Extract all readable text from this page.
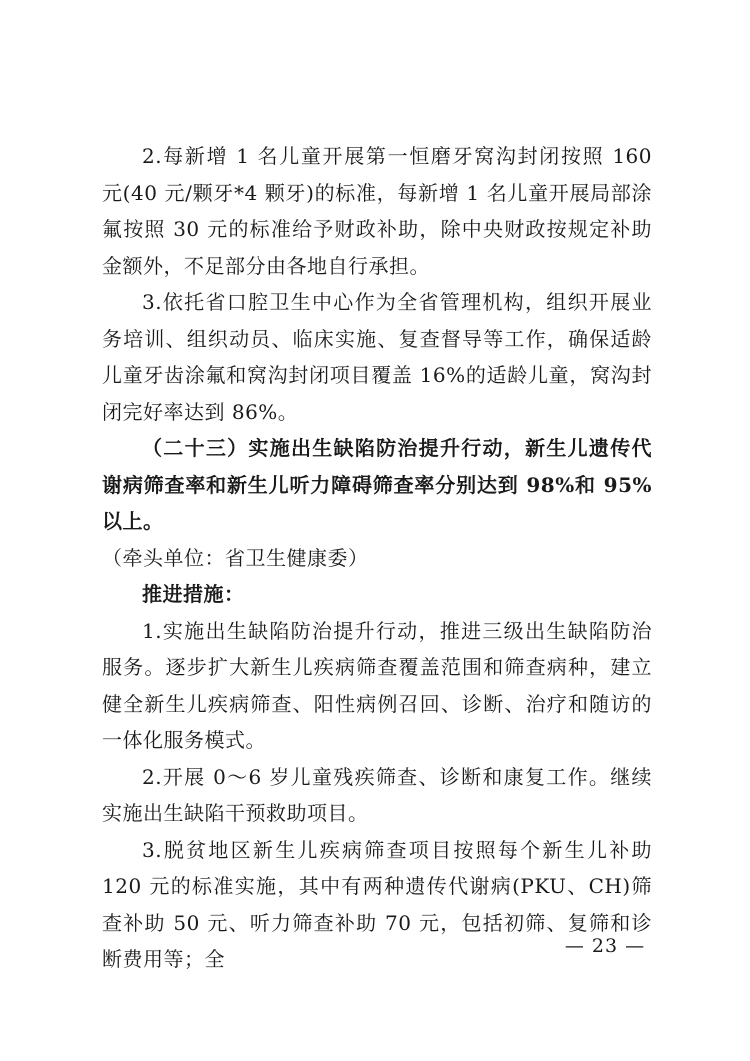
2.每新增 1 名儿童开展第一恒磨牙窝沟封闭按照 160 元(40 元/颗牙*4 颗牙)的标准，每新增 1 名儿童开展局部涂氟按照 30 元的标准给予财政补助，除中央财政按规定补助金额外，不足部分由各地自行承担。

3.依托省口腔卫生中心作为全省管理机构，组织开展业务培训、组织动员、临床实施、复查督导等工作，确保适龄儿童牙齿涂氟和窝沟封闭项目覆盖 16%的适龄儿童，窝沟封闭完好率达到 86%。

（二十三）实施出生缺陷防治提升行动，新生儿遗传代谢病筛查率和新生儿听力障碍筛查率分别达到 98%和 95%以上。

（牵头单位：省卫生健康委）

推进措施：

1.实施出生缺陷防治提升行动，推进三级出生缺陷防治服务。逐步扩大新生儿疾病筛查覆盖范围和筛查病种，建立健全新生儿疾病筛查、阳性病例召回、诊断、治疗和随访的一体化服务模式。

2.开展 0～6 岁儿童残疾筛查、诊断和康复工作。继续实施出生缺陷干预救助项目。

3.脱贫地区新生儿疾病筛查项目按照每个新生儿补助 120 元的标准实施，其中有两种遗传代谢病(PKU、CH)筛查补助 50 元、听力筛查补助 70 元，包括初筛、复筛和诊断费用等；全

— 23 —
